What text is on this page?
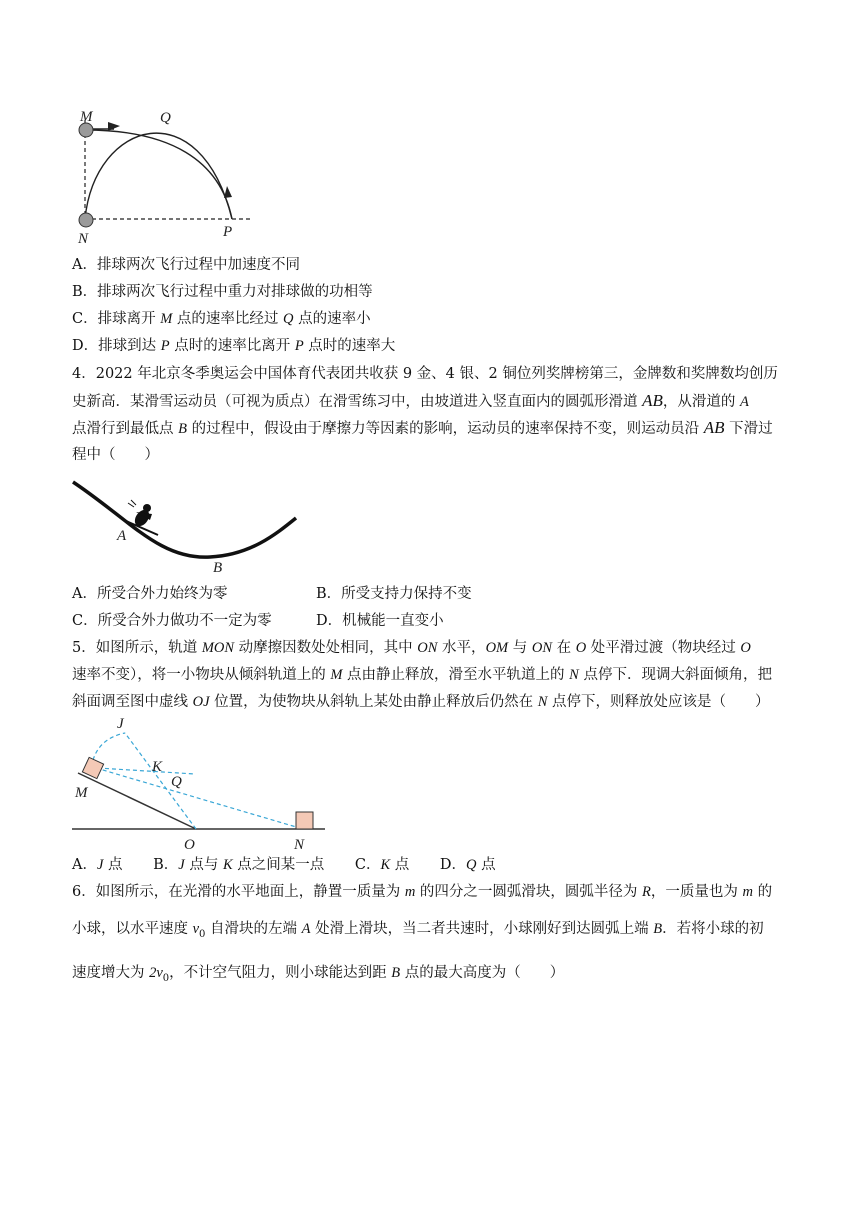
M	Q
N	P
A．排球两次飞行过程中加速度不同
B．排球两次飞行过程中重力对排球做的功相等
C．排球离开 M 点的速率比经过 Q 点的速率小
D．排球到达 P 点时的速率比离开 P 点时的速率大
4．2022 年北京冬季奥运会中国体育代表团共收获 9 金、4 银、2 铜位列奖牌榜第三，金牌数和奖牌数均创历
史新高．某滑雪运动员（可视为质点）在滑雪练习中，由坡道进入竖直面内的圆弧形滑道 AB，从滑道的 A
点滑行到最低点 B 的过程中，假设由于摩擦力等因素的影响，运动员的速率保持不变，则运动员沿 AB 下滑过
程中（　　）
A
B
A．所受合外力始终为零	B．所受支持力保持不变
C．所受合外力做功不一定为零	D．机械能一直变小
5．如图所示，轨道 MON 动摩擦因数处处相同，其中 ON 水平，OM 与 ON 在 O 处平滑过渡（物块经过 O
速率不变），将一小物块从倾斜轨道上的 M 点由静止释放，滑至水平轨道上的 N 点停下．现调大斜面倾角，把
斜面调至图中虚线 OJ 位置，为使物块从斜轨上某处由静止释放后仍然在 N 点停下，则释放处应该是（　　）
J
K
Q
M
O	N
A．J 点 B．J 点与 K 点之间某一点 C．K 点 D．Q 点
6．如图所示，在光滑的水平地面上，静置一质量为 m 的四分之一圆弧滑块，圆弧半径为 R，一质量也为 m 的
小球，以水平速度 $v_0$ 自滑块的左端 A 处滑上滑块，当二者共速时，小球刚好到达圆弧上端 B．若将小球的初
速度增大为 $2v_0$，不计空气阻力，则小球能达到距 B 点的最大高度为（　　）
